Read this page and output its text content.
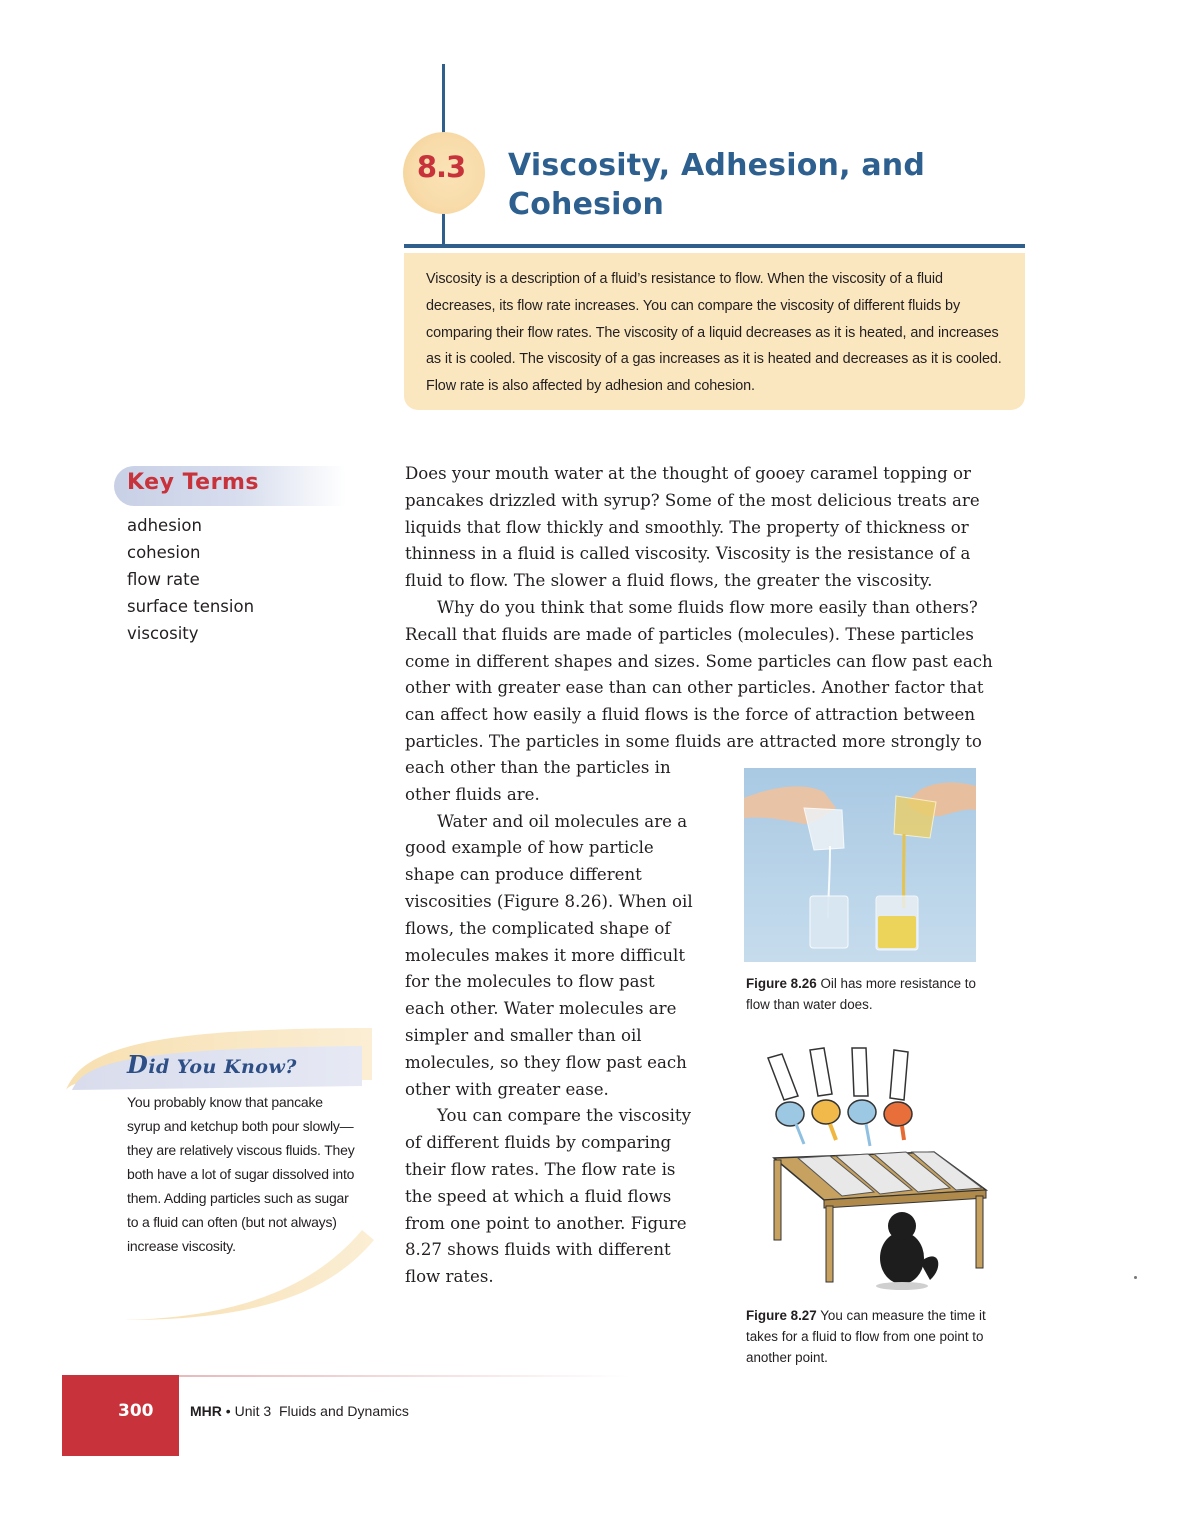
8.3	Viscosity, Adhesion, and Cohesion

Viscosity is a description of a fluid’s resistance to flow. When the viscosity of a fluid decreases, its flow rate increases. You can compare the viscosity of different fluids by comparing their flow rates. The viscosity of a liquid decreases as it is heated, and increases as it is cooled. The viscosity of a gas increases as it is heated and decreases as it is cooled. Flow rate is also affected by adhesion and cohesion.

Key Terms
adhesion
cohesion
flow rate
surface tension
viscosity
Did You Know?

You probably know that pancake syrup and ketchup both pour slowly—they are relatively viscous fluids. They both have a lot of sugar dissolved into them. Adding particles such as sugar to a fluid can often (but not always) increase viscosity.

Does your mouth water at the thought of gooey caramel topping or pancakes drizzled with syrup? Some of the most delicious treats are liquids that flow thickly and smoothly. The property of thickness or thinness in a fluid is called viscosity. Viscosity is the resistance of a fluid to flow. The slower a fluid flows, the greater the viscosity.

Why do you think that some fluids flow more easily than others? Recall that fluids are made of particles (molecules). These particles come in different shapes and sizes. Some particles can flow past each other with greater ease than can other particles. Another factor that can affect how easily a fluid flows is the force of attraction between particles. The particles in some fluids are attracted more strongly to

each other than the particles in other fluids are.

Water and oil molecules are a good example of how particle shape can produce different viscosities (Figure 8.26). When oil flows, the complicated shape of molecules makes it more difficult for the molecules to flow past each other. Water molecules are simpler and smaller than oil molecules, so they flow past each other with greater ease.

You can compare the viscosity of different fluids by comparing their flow rates. The flow rate is the speed at which a fluid flows from one point to another. Figure 8.27 shows fluids with different flow rates.

Figure 8.26 Oil has more resistance to flow than water does.
Figure 8.27 You can measure the time it takes for a fluid to flow from one point to another point.
300	MHR • Unit 3 Fluids and Dynamics
